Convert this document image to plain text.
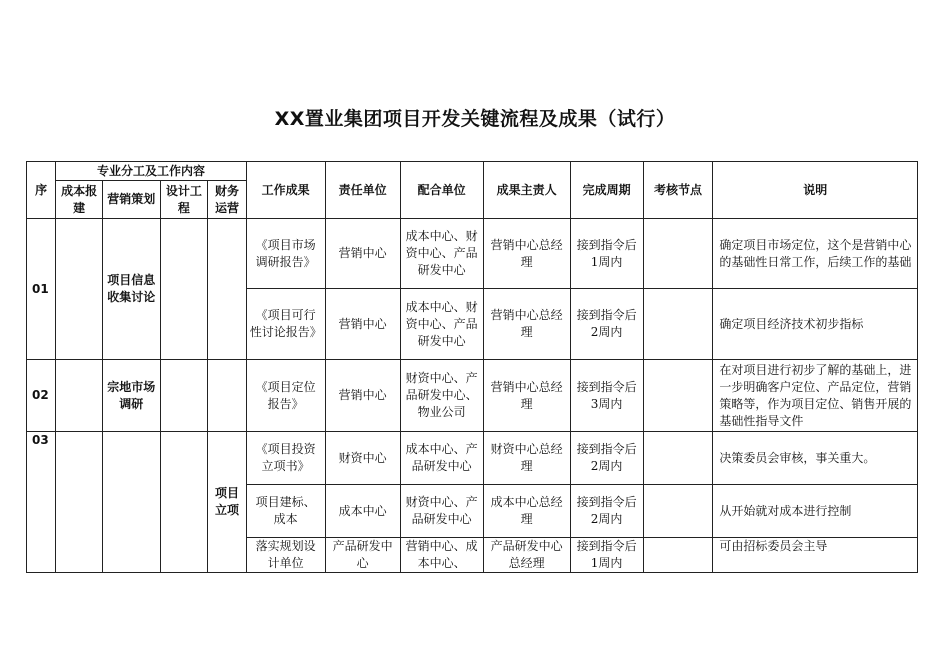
XX置业集团项目开发关键流程及成果（试行）
序	专业分工及工作内容				工作成果	责任单位	配合单位	成果主责人	完成周期	考核节点	说明
	成本报建	营销策划	设计工程	财务运营							
01		项目信息收集讨论			《项目市场调研报告》	营销中心	成本中心、财资中心、产品研发中心	营销中心总经理	接到指令后1周内		确定项目市场定位，这个是营销中心的基础性日常工作，后续工作的基础
					《项目可行性讨论报告》	营销中心	成本中心、财资中心、产品研发中心	营销中心总经理	接到指令后2周内		确定项目经济技术初步指标
02		宗地市场调研			《项目定位报告》	营销中心	财资中心、产品研发中心、物业公司	营销中心总经理	接到指令后3周内		在对项目进行初步了解的基础上，进一步明确客户定位、产品定位，营销策略等，作为项目定位、销售开展的基础性指导文件
03				项目立项	《项目投资立项书》	财资中心	成本中心、产品研发中心	财资中心总经理	接到指令后2周内		决策委员会审核，事关重大。
					项目建标、成本	成本中心	财资中心、产品研发中心	成本中心总经理	接到指令后2周内		从开始就对成本进行控制
					落实规划设计单位	产品研发中心	营销中心、成本中心、	产品研发中心总经理	接到指令后1周内		可由招标委员会主导
